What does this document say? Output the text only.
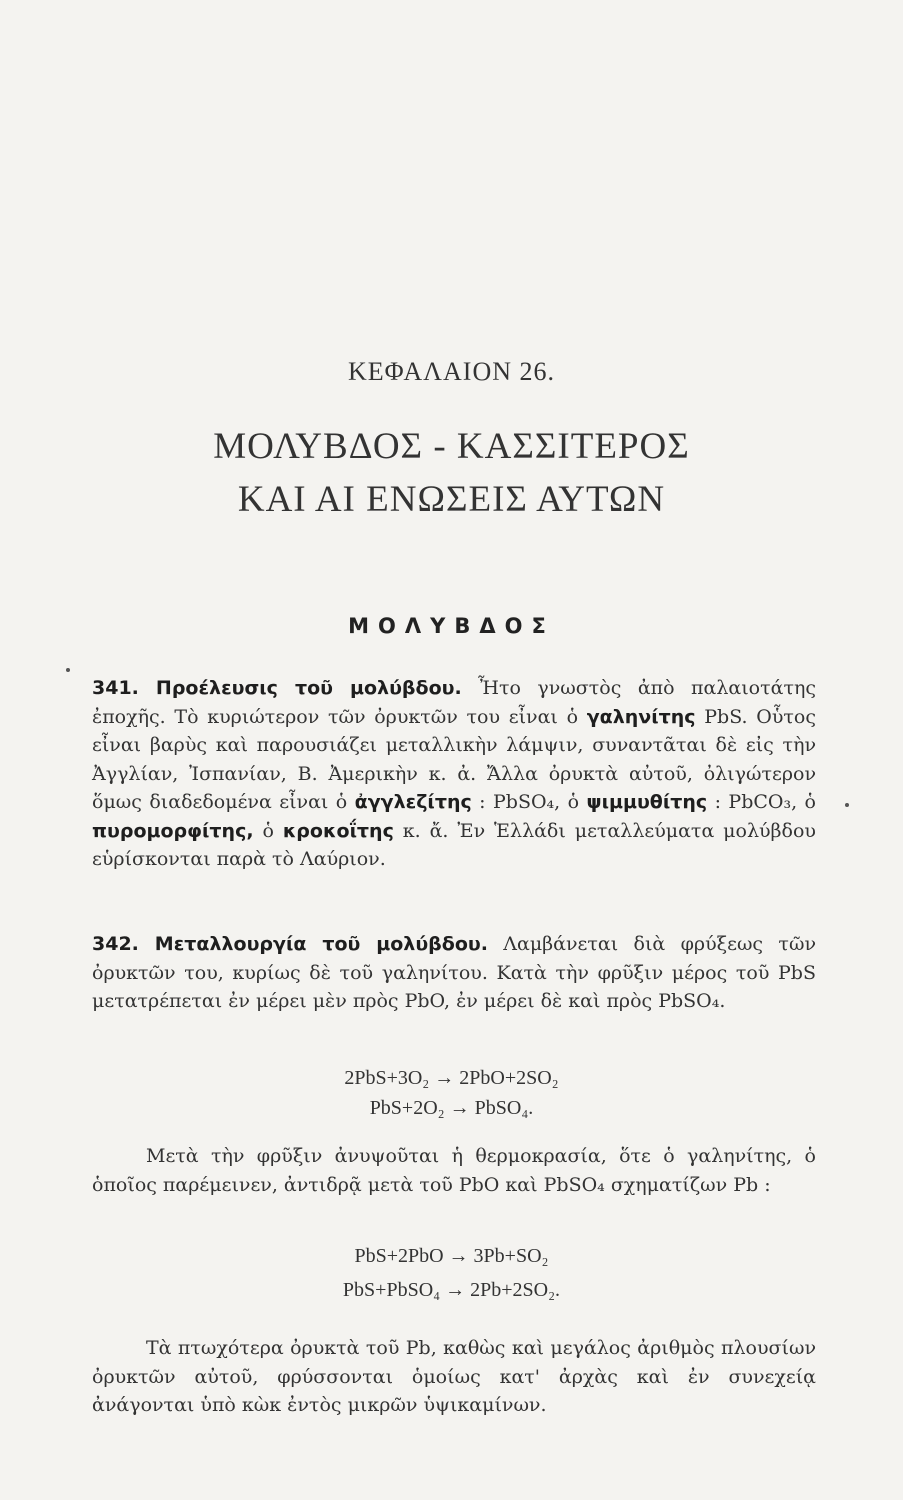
ΚΕΦΑΛΑΙΟΝ 26.
ΜΟΛΥΒΔΟΣ - ΚΑΣΣΙΤΕΡΟΣ
ΚΑΙ ΑΙ ΕΝΩΣΕΙΣ ΑΥΤΩΝ
ΜΟΛΥΒΔΟΣ
341. Προέλευσις τοῦ μολύβδου. Ἦτο γνωστὸς ἀπὸ παλαιοτάτης ἐποχῆς. Τὸ κυριώτερον τῶν ὀρυκτῶν του εἶναι ὁ γαληνίτης PbS. Οὗτος εἶναι βαρὺς καὶ παρουσιάζει μεταλλικὴν λάμψιν, συναντᾶται δὲ εἰς τὴν Ἀγγλίαν, Ἰσπανίαν, Β. Ἀμερικὴν κ. ἀ. Ἄλλα ὀρυκτὰ αὐτοῦ, ὀλιγώτερον ὅμως διαδεδομένα εἶναι ὁ ἀγγλεζίτης : PbSO₄, ὁ ψιμμυθίτης : PbCO₃, ὁ πυρομορφίτης, ὁ κροκοΐτης κ. ἄ. Ἐν Ἑλλάδι μεταλλεύματα μολύβδου εὑρίσκονται παρὰ τὸ Λαύριον.
342. Μεταλλουργία τοῦ μολύβδου. Λαμβάνεται διὰ φρύξεως τῶν ὀρυκτῶν του, κυρίως δὲ τοῦ γαληνίτου. Κατὰ τὴν φρῦξιν μέρος τοῦ PbS μετατρέπεται ἐν μέρει μὲν πρὸς PbO, ἐν μέρει δὲ καὶ πρὸς PbSO₄.
2PbS+3O₂ → 2PbO+2SO₂
PbS+2O₂ → PbSO₄.
Μετὰ τὴν φρῦξιν ἀνυψοῦται ἡ θερμοκρασία, ὅτε ὁ γαληνίτης, ὁ ὁποῖος παρέμεινεν, ἀντιδρᾷ μετὰ τοῦ PbO καὶ PbSO₄ σχηματίζων Pb :
PbS+2PbO → 3Pb+SO₂
PbS+PbSO₄ → 2Pb+2SO₂.
Τὰ πτωχότερα ὀρυκτὰ τοῦ Pb, καθὼς καὶ μεγάλος ἀριθμὸς πλουσίων ὀρυκτῶν αὐτοῦ, φρύσσονται ὁμοίως κατ' ἀρχὰς καὶ ἐν συνεχείᾳ ἀνάγονται ὑπὸ κὼκ ἐντὸς μικρῶν ὑψικαμίνων.
